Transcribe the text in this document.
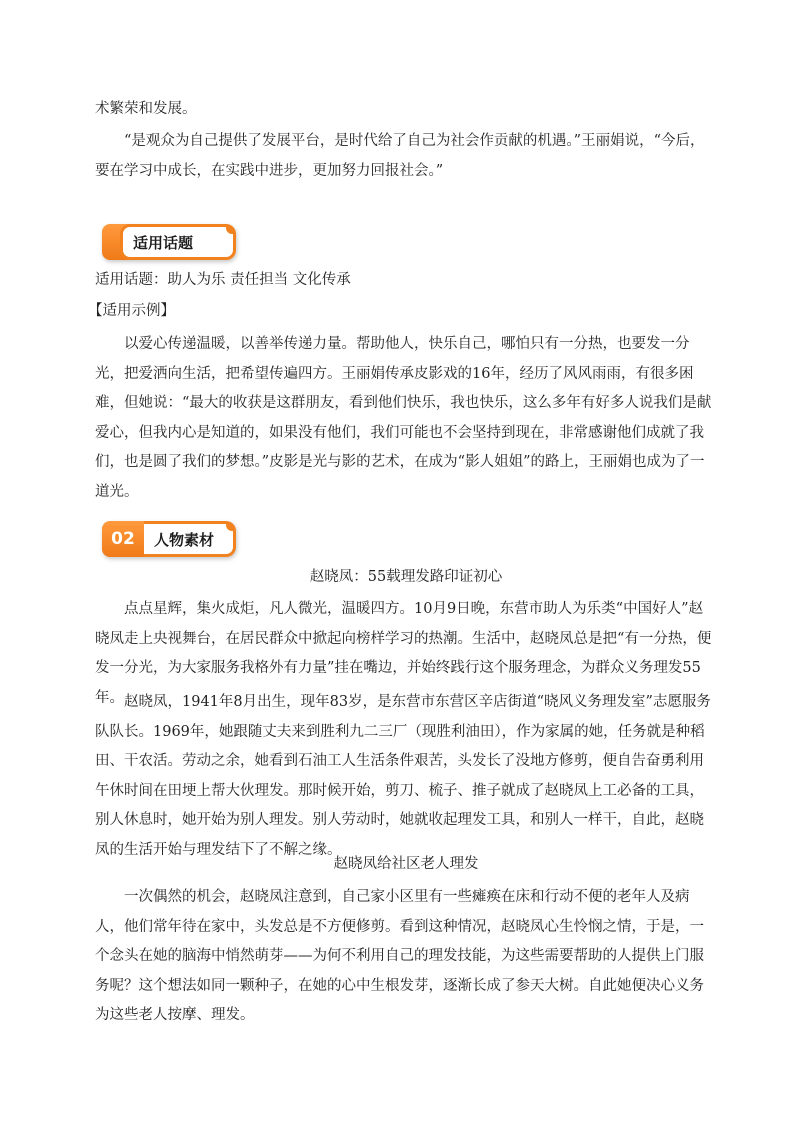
术繁荣和发展。

“是观众为自己提供了发展平台，是时代给了自己为社会作贡献的机遇。”王丽娟说，“今后，要在学习中成长，在实践中进步，更加努力回报社会。”

适用话题

适用话题：助人为乐 责任担当 文化传承

【适用示例】

以爱心传递温暖，以善举传递力量。帮助他人，快乐自己，哪怕只有一分热，也要发一分光，把爱洒向生活，把希望传遍四方。王丽娟传承皮影戏的16年，经历了风风雨雨，有很多困难，但她说：“最大的收获是这群朋友，看到他们快乐，我也快乐，这么多年有好多人说我们是献爱心，但我内心是知道的，如果没有他们，我们可能也不会坚持到现在，非常感谢他们成就了我们，也是圆了我们的梦想。”皮影是光与影的艺术，在成为“影人姐姐”的路上，王丽娟也成为了一道光。

02	人物素材

赵晓凤：55载理发路印证初心

点点星辉，集火成炬，凡人微光，温暖四方。10月9日晚，东营市助人为乐类“中国好人”赵晓凤走上央视舞台，在居民群众中掀起向榜样学习的热潮。生活中，赵晓凤总是把“有一分热，便发一分光，为大家服务我格外有力量”挂在嘴边，并始终践行这个服务理念，为群众义务理发55年。 赵晓凤，1941年8月出生，现年83岁，是东营市东营区辛店街道“晓风义务理发室”志愿服务队队长。1969年，她跟随丈夫来到胜利九二三厂（现胜利油田），作为家属的她，任务就是种稻田、干农活。劳动之余，她看到石油工人生活条件艰苦，头发长了没地方修剪，便自告奋勇利用午休时间在田埂上帮大伙理发。那时候开始，剪刀、梳子、推子就成了赵晓凤上工必备的工具，别人休息时，她开始为别人理发。别人劳动时，她就收起理发工具，和别人一样干，自此，赵晓凤的生活开始与理发结下了不解之缘。

赵晓凤给社区老人理发

一次偶然的机会，赵晓凤注意到，自己家小区里有一些瘫痪在床和行动不便的老年人及病人，他们常年待在家中，头发总是不方便修剪。看到这种情况，赵晓凤心生怜悯之情，于是，一个念头在她的脑海中悄然萌芽——为何不利用自己的理发技能，为这些需要帮助的人提供上门服务呢？这个想法如同一颗种子，在她的心中生根发芽，逐渐长成了参天大树。自此她便决心义务为这些老人按摩、理发。
